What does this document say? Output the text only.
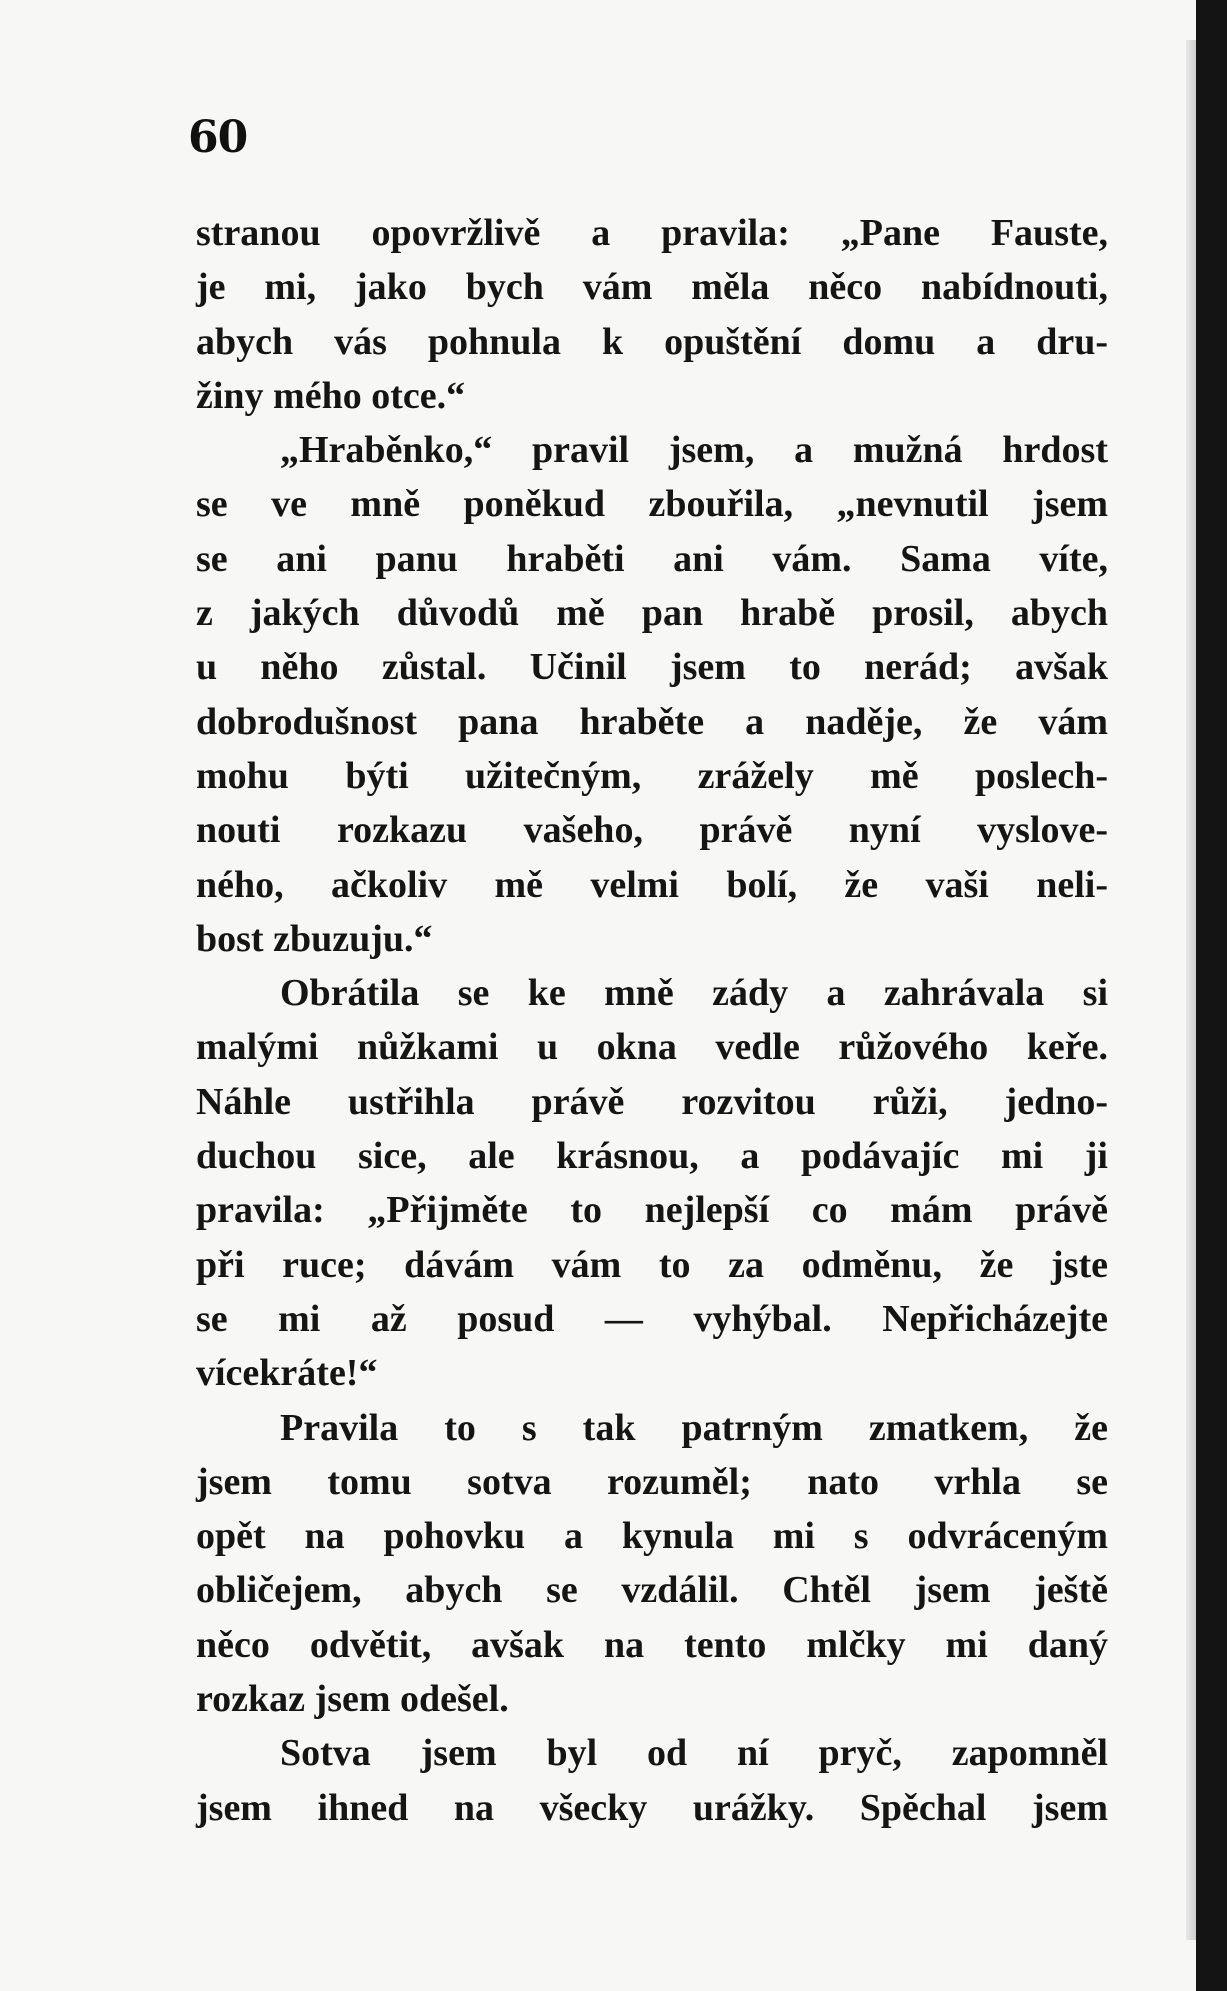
60
stranou opovržlivě a pravila: „Pane Fauste,
je mi, jako bych vám měla něco nabídnouti,
abych vás pohnula k opuštění domu a dru-
žiny mého otce.“
„Hraběnko,“ pravil jsem, a mužná hrdost
se ve mně poněkud zbouřila, „nevnutil jsem
se ani panu hraběti ani vám. Sama víte,
z jakých důvodů mě pan hrabě prosil, abych
u něho zůstal. Učinil jsem to nerád; avšak
dobrodušnost pana hraběte a naděje, že vám
mohu býti užitečným, zrážely mě poslech-
nouti rozkazu vašeho, právě nyní vyslove-
ného, ačkoliv mě velmi bolí, že vaši neli-
bost zbuzuju.“
Obrátila se ke mně zády a zahrávala si
malými nůžkami u okna vedle růžového keře.
Náhle ustřihla právě rozvitou růži, jedno-
duchou sice, ale krásnou, a podávajíc mi ji
pravila: „Přijměte to nejlepší co mám právě
při ruce; dávám vám to za odměnu, že jste
se mi až posud — vyhýbal. Nepřicházejte
vícekráte!“
Pravila to s tak patrným zmatkem, že
jsem tomu sotva rozuměl; nato vrhla se
opět na pohovku a kynula mi s odvráceným
obličejem, abych se vzdálil. Chtěl jsem ještě
něco odvětit, avšak na tento mlčky mi daný
rozkaz jsem odešel.
Sotva jsem byl od ní pryč, zapomněl
jsem ihned na všecky urážky. Spěchal jsem
